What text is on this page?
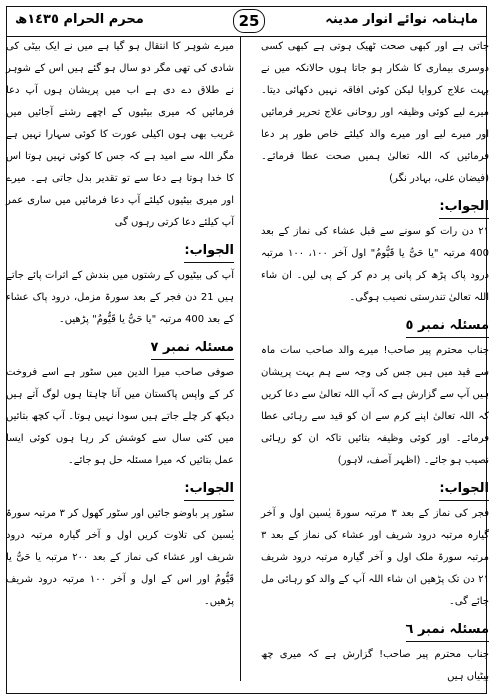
ماہنامہ نوائے انوار مدینہ
25
محرم الحرام ١٤٣٥ھ

جاتی ہے اور کبھی صحت ٹھیک ہوتی ہے کبھی کسی دوسری بیماری کا شکار ہو جاتا ہوں حالانکہ میں نے بہت علاج کروایا لیکن کوئی افاقہ نہیں دکھائی دیتا۔ میرے لیے کوئی وظیفہ اور روحانی علاج تحریر فرمائیں اور میرے لیے اور میرے والد کیلئے خاص طور پر دعا فرمائیں کہ اللہ تعالیٰ ہمیں صحت عطا فرمائے۔ (فیضان علی، بہادر نگر)

الجواب:

٢١ دن رات کو سونے سے قبل عشاء کی نماز کے بعد 400 مرتبہ "یا حَیُّ یا قَیُّومُ" اول آخر ١٠٠، ١٠٠ مرتبہ درود پاک پڑھ کر پانی پر دم کر کے پی لیں۔ ان شاء اللہ تعالیٰ تندرستی نصیب ہوگی۔

مسئلہ نمبر ٥

جناب محترم پیر صاحب! میرے والد صاحب سات ماہ سے قید میں ہیں جس کی وجہ سے ہم بہت پریشان ہیں آپ سے گزارش ہے کہ آپ اللہ تعالیٰ سے دعا کریں کہ اللہ تعالیٰ اپنے کرم سے ان کو قید سے رہائی عطا فرمائے۔ اور کوئی وظیفہ بتائیں تاکہ ان کو رہائی نصیب ہو جائے۔ (اظہر آصف، لاہور)

الجواب:

فجر کی نماز کے بعد ٣ مرتبہ سورۃ یٰسین اول و آخر گیارہ مرتبہ درود شریف اور عشاء کی نماز کے بعد ٣ مرتبہ سورۃ ملک اول و آخر گیارہ مرتبہ درود شریف ٢١ دن تک پڑھیں ان شاء اللہ آپ کے والد کو رہائی مل جائے گی۔

مسئلہ نمبر ٦

جناب محترم پیر صاحب! گزارش ہے کہ میری چھ بیٹیاں ہیں

میرے شوہر کا انتقال ہو گیا ہے میں نے ایک بیٹی کی شادی کی تھی مگر دو سال ہو گئے ہیں اس کے شوہر نے طلاق دے دی ہے اب میں پریشان ہوں آپ دعا فرمائیں کہ میری بیٹیوں کے اچھے رشتے آجائیں میں غریب بھی ہوں اکیلی عورت کا کوئی سہارا نہیں ہے مگر اللہ سے امید ہے کہ جس کا کوئی نہیں ہوتا اس کا خدا ہوتا ہے دعا سے تو تقدیر بدل جاتی ہے۔ میرے اور میری بیٹیوں کیلئے آپ دعا فرمائیں میں ساری عمر آپ کیلئے دعا کرتی رہوں گی

الجواب:

آپ کی بیٹیوں کے رشتوں میں بندش کے اثرات پائے جاتے ہیں 21 دن فجر کے بعد سورۃ مزمل، درود پاک عشاء کے بعد 400 مرتبہ "یا حَیُّ یا قَیُّومُ" پڑھیں۔

مسئلہ نمبر ٧

صوفی صاحب میرا الدین میں سٹور ہے اسے فروخت کر کے واپس پاکستان میں آنا چاہتا ہوں لوگ آتے ہیں دیکھ کر چلے جاتے ہیں سودا نہیں ہوتا۔ آپ کچھ بتائیں میں کئی سال سے کوشش کر رہا ہوں کوئی ایسا عمل بتائیں کہ میرا مسئلہ حل ہو جائے۔

الجواب:

سٹور پر باوضو جائیں اور سٹور کھول کر ٣ مرتبہ سورۃ یٰسین کی تلاوت کریں اول و آخر گیارہ مرتبہ درود شریف اور عشاء کی نماز کے بعد ٢٠٠ مرتبہ یا حَیُّ یا قَیُّومُ اور اس کے اول و آخر ١٠٠ مرتبہ درود شریف پڑھیں۔
